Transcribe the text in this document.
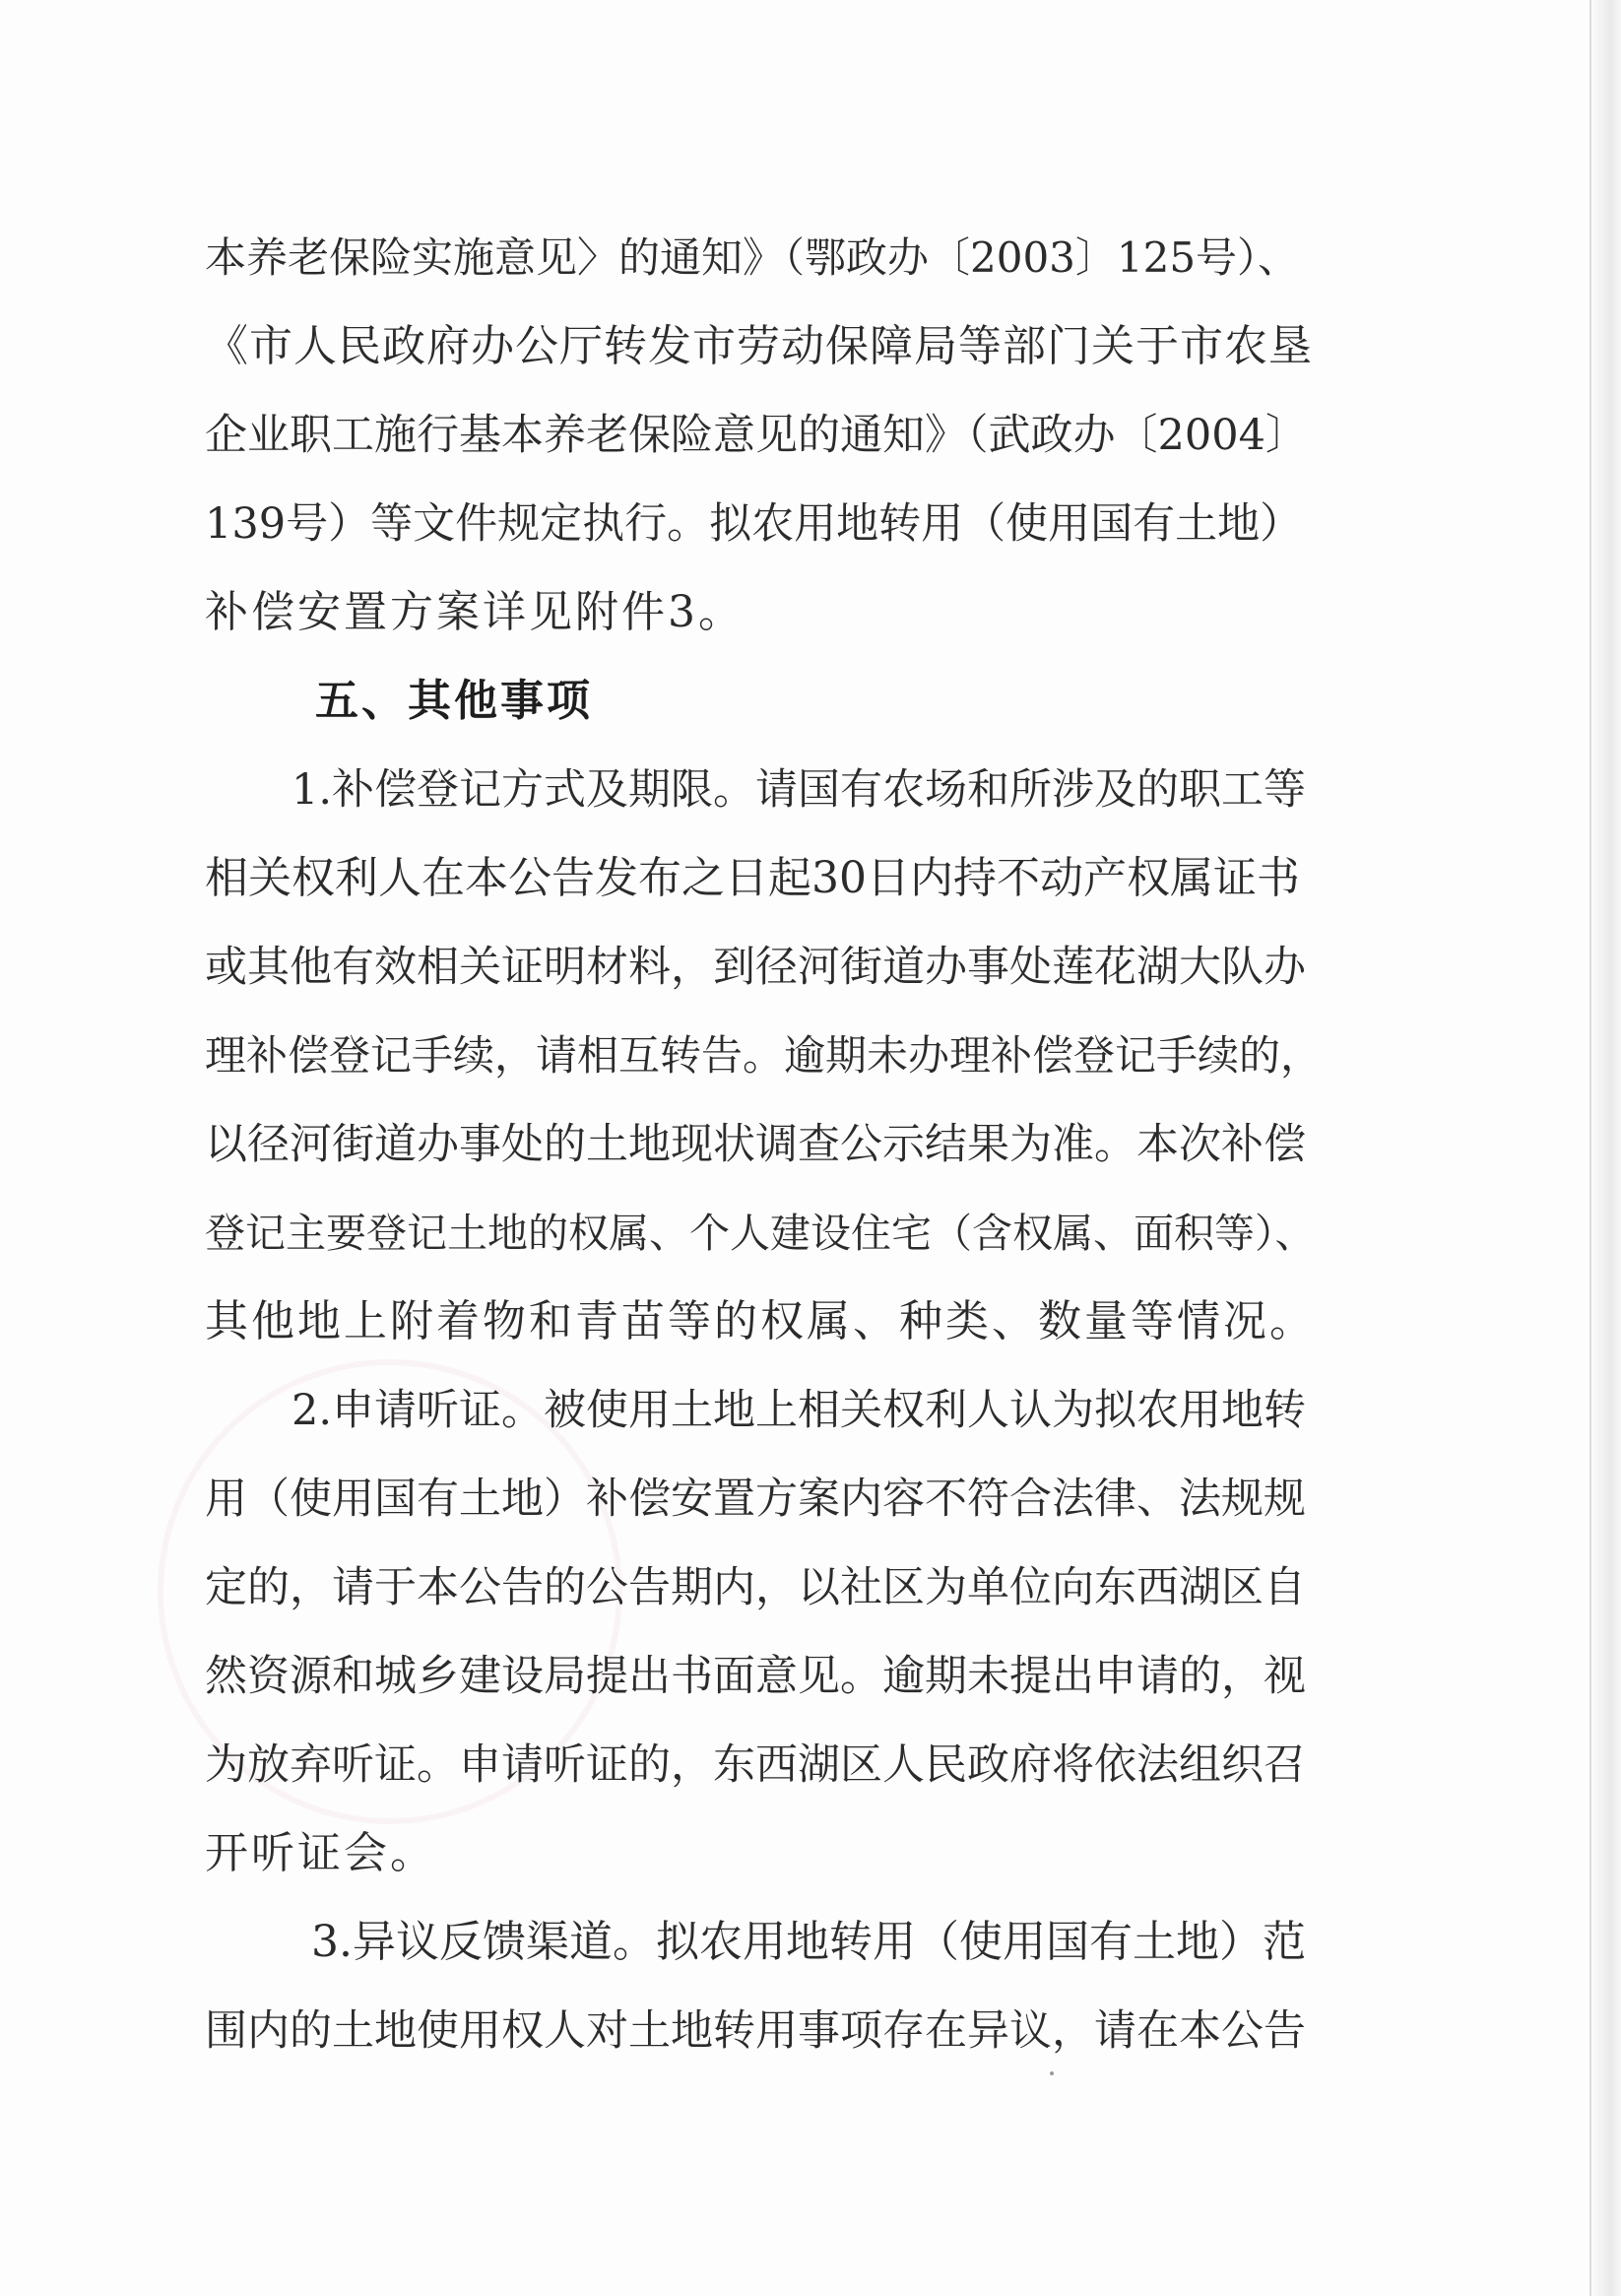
本养老保险实施意见〉的通知》（鄂政办〔2003〕125号）、

《市人民政府办公厅转发市劳动保障局等部门关于市农垦

企业职工施行基本养老保险意见的通知》（武政办〔2004〕

139号）等文件规定执行。拟农用地转用（使用国有土地）

补偿安置方案详见附件3。

五、其他事项

1.补偿登记方式及期限。请国有农场和所涉及的职工等

相关权利人在本公告发布之日起30日内持不动产权属证书

或其他有效相关证明材料，到径河街道办事处莲花湖大队办

理补偿登记手续，请相互转告。逾期未办理补偿登记手续的，

以径河街道办事处的土地现状调查公示结果为准。本次补偿

登记主要登记土地的权属、个人建设住宅（含权属、面积等）、

其他地上附着物和青苗等的权属、种类、数量等情况。

2.申请听证。被使用土地上相关权利人认为拟农用地转

用（使用国有土地）补偿安置方案内容不符合法律、法规规

定的，请于本公告的公告期内，以社区为单位向东西湖区自

然资源和城乡建设局提出书面意见。逾期未提出申请的，视

为放弃听证。申请听证的，东西湖区人民政府将依法组织召

开听证会。

3.异议反馈渠道。拟农用地转用（使用国有土地）范

围内的土地使用权人对土地转用事项存在异议，请在本公告
